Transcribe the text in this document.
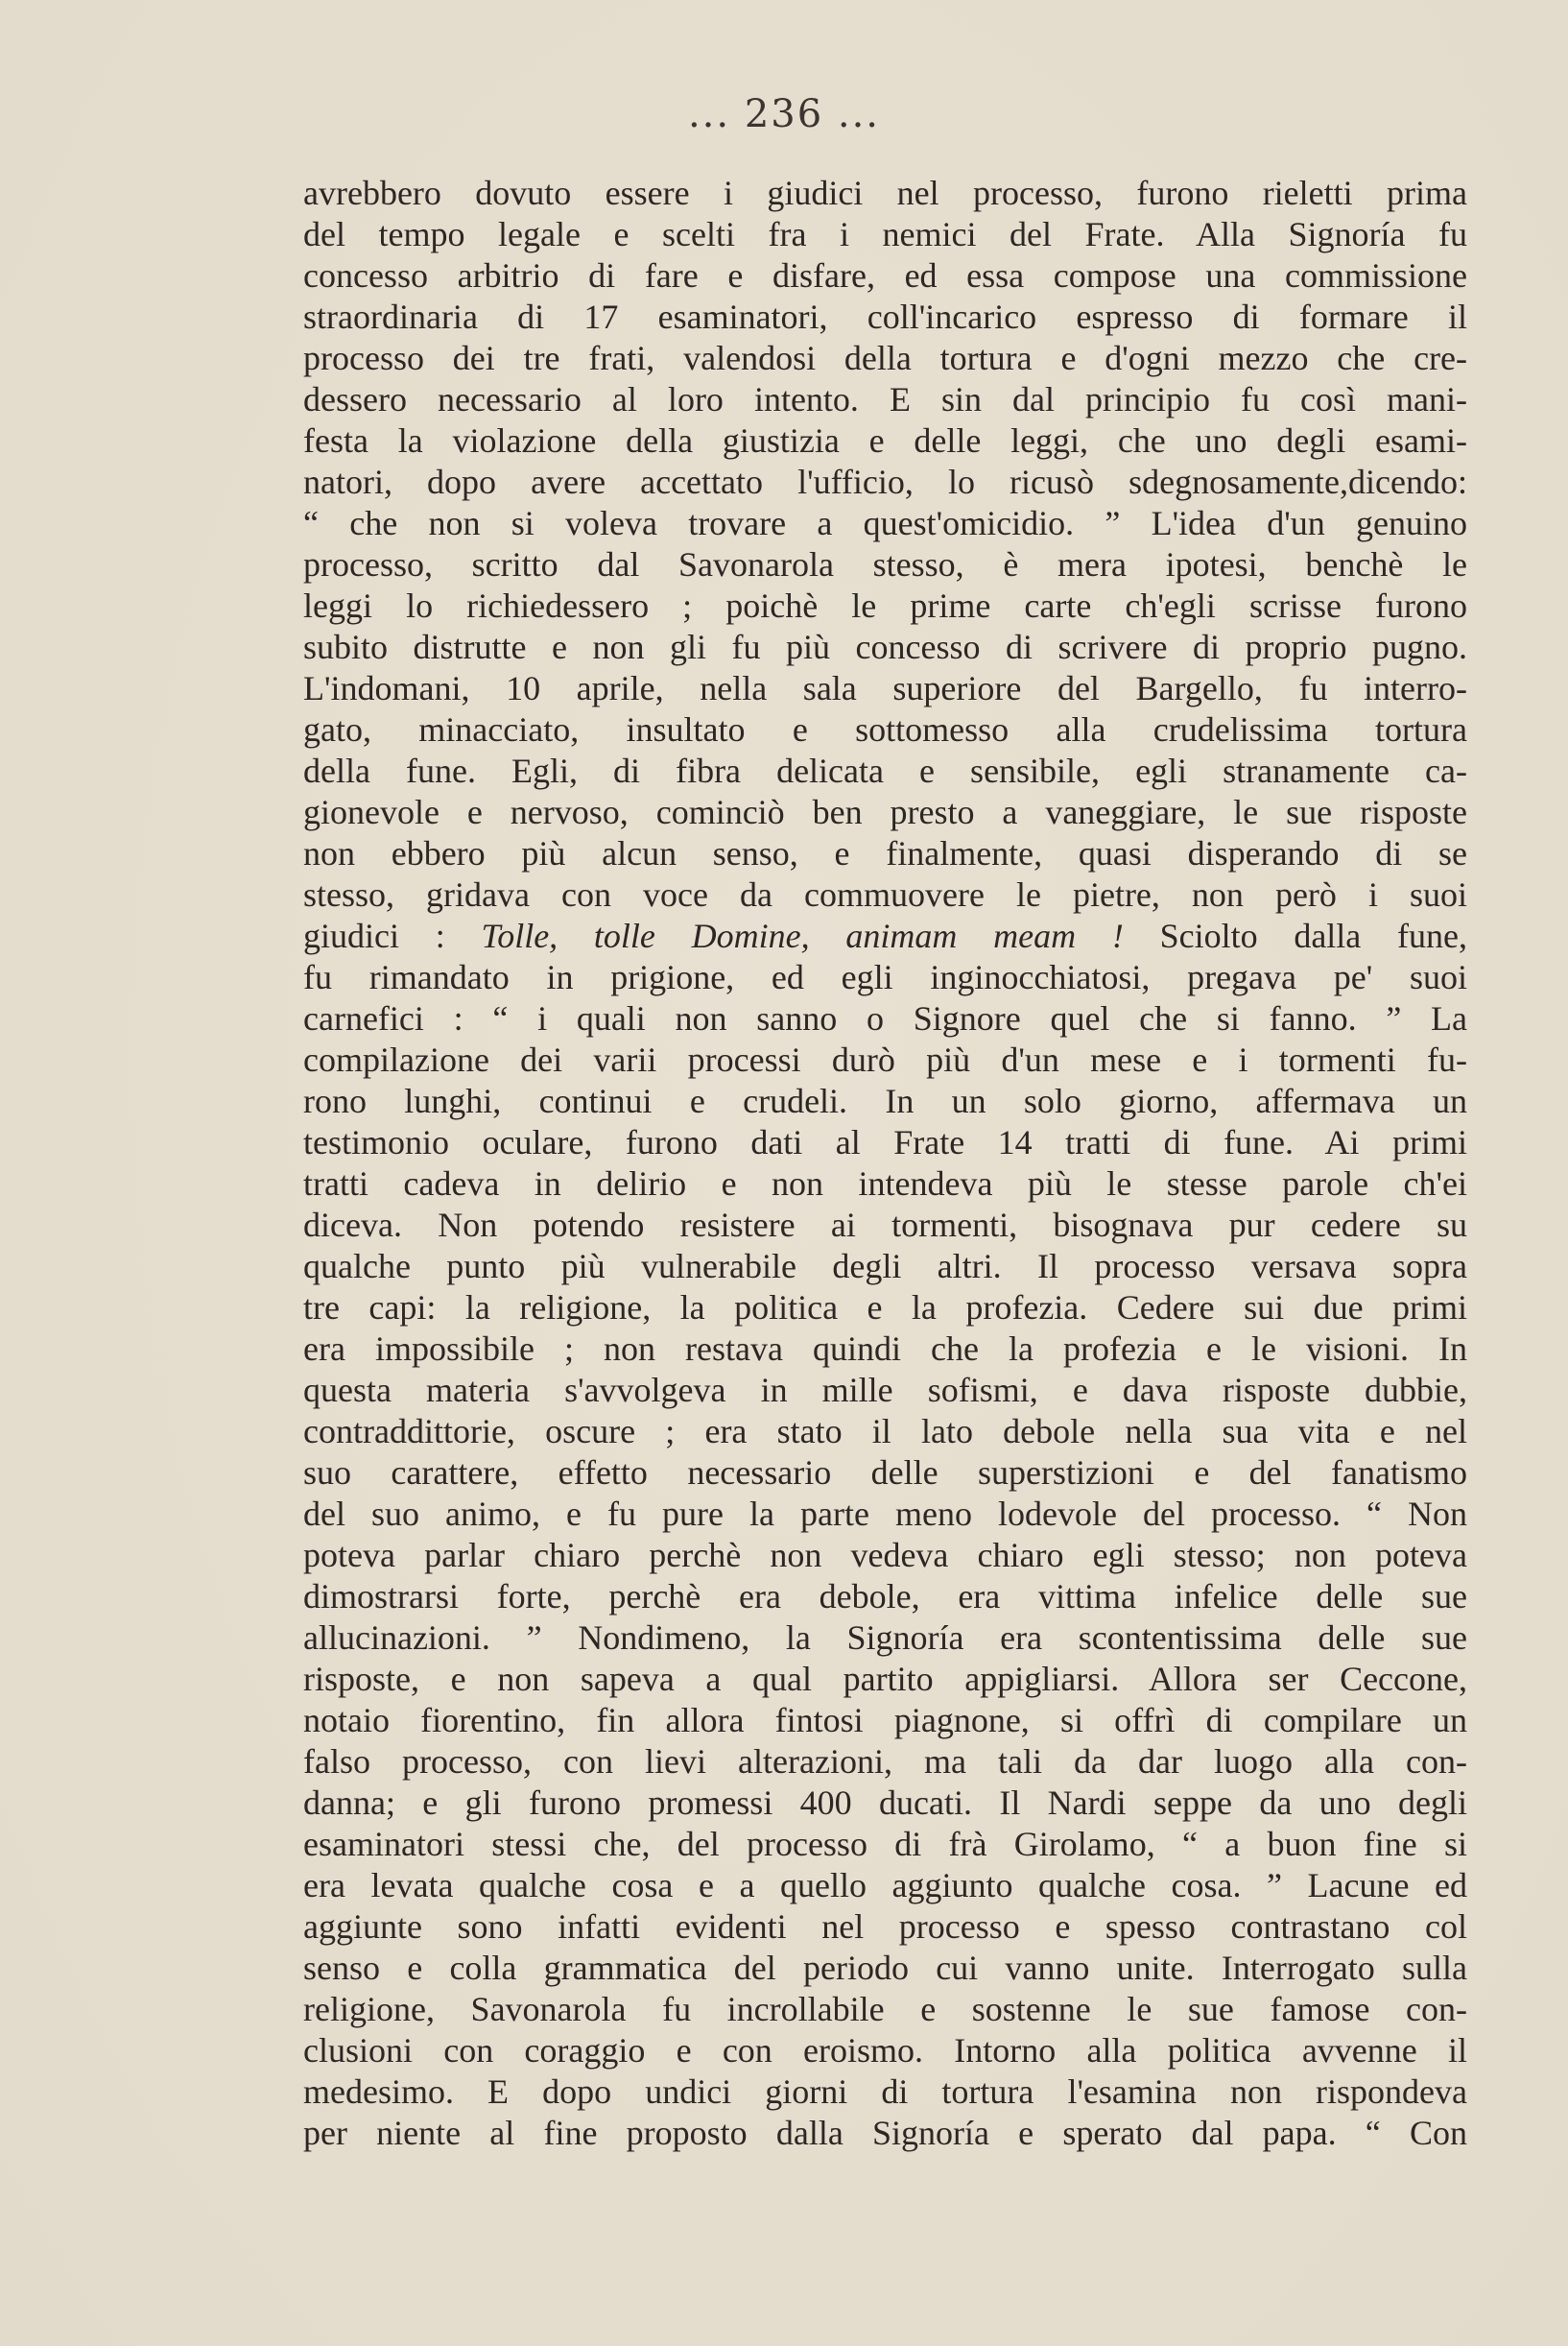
... 236 ...
avrebbero dovuto essere i giudici nel processo, furono rieletti prima
del tempo legale e scelti fra i nemici del Frate. Alla Signoría fu
concesso arbitrio di fare e disfare, ed essa compose una commissione
straordinaria di 17 esaminatori, coll'incarico espresso di formare il
processo dei tre frati, valendosi della tortura e d'ogni mezzo che cre-
dessero necessario al loro intento. E sin dal principio fu così mani-
festa la violazione della giustizia e delle leggi, che uno degli esami-
natori, dopo avere accettato l'ufficio, lo ricusò sdegnosamente,dicendo:
“ che non si voleva trovare a quest'omicidio. ” L'idea d'un genuino
processo, scritto dal Savonarola stesso, è mera ipotesi, benchè le
leggi lo richiedessero ; poichè le prime carte ch'egli scrisse furono
subito distrutte e non gli fu più concesso di scrivere di proprio pugno.
L'indomani, 10 aprile, nella sala superiore del Bargello, fu interro-
gato, minacciato, insultato e sottomesso alla crudelissima tortura
della fune. Egli, di fibra delicata e sensibile, egli stranamente ca-
gionevole e nervoso, cominciò ben presto a vaneggiare, le sue risposte
non ebbero più alcun senso, e finalmente, quasi disperando di se
stesso, gridava con voce da commuovere le pietre, non però i suoi
giudici : Tolle, tolle Domine, animam meam ! Sciolto dalla fune,
fu rimandato in prigione, ed egli inginocchiatosi, pregava pe' suoi
carnefici : “ i quali non sanno o Signore quel che si fanno. ” La
compilazione dei varii processi durò più d'un mese e i tormenti fu-
rono lunghi, continui e crudeli. In un solo giorno, affermava un
testimonio oculare, furono dati al Frate 14 tratti di fune. Ai primi
tratti cadeva in delirio e non intendeva più le stesse parole ch'ei
diceva. Non potendo resistere ai tormenti, bisognava pur cedere su
qualche punto più vulnerabile degli altri. Il processo versava sopra
tre capi: la religione, la politica e la profezia. Cedere sui due primi
era impossibile ; non restava quindi che la profezia e le visioni. In
questa materia s'avvolgeva in mille sofismi, e dava risposte dubbie,
contraddittorie, oscure ; era stato il lato debole nella sua vita e nel
suo carattere, effetto necessario delle superstizioni e del fanatismo
del suo animo, e fu pure la parte meno lodevole del processo. “ Non
poteva parlar chiaro perchè non vedeva chiaro egli stesso; non poteva
dimostrarsi forte, perchè era debole, era vittima infelice delle sue
allucinazioni. ” Nondimeno, la Signoría era scontentissima delle sue
risposte, e non sapeva a qual partito appigliarsi. Allora ser Ceccone,
notaio fiorentino, fin allora fintosi piagnone, si offrì di compilare un
falso processo, con lievi alterazioni, ma tali da dar luogo alla con-
danna; e gli furono promessi 400 ducati. Il Nardi seppe da uno degli
esaminatori stessi che, del processo di frà Girolamo, “ a buon fine si
era levata qualche cosa e a quello aggiunto qualche cosa. ” Lacune ed
aggiunte sono infatti evidenti nel processo e spesso contrastano col
senso e colla grammatica del periodo cui vanno unite. Interrogato sulla
religione, Savonarola fu incrollabile e sostenne le sue famose con-
clusioni con coraggio e con eroismo. Intorno alla politica avvenne il
medesimo. E dopo undici giorni di tortura l'esamina non rispondeva
per niente al fine proposto dalla Signoría e sperato dal papa. “ Con
